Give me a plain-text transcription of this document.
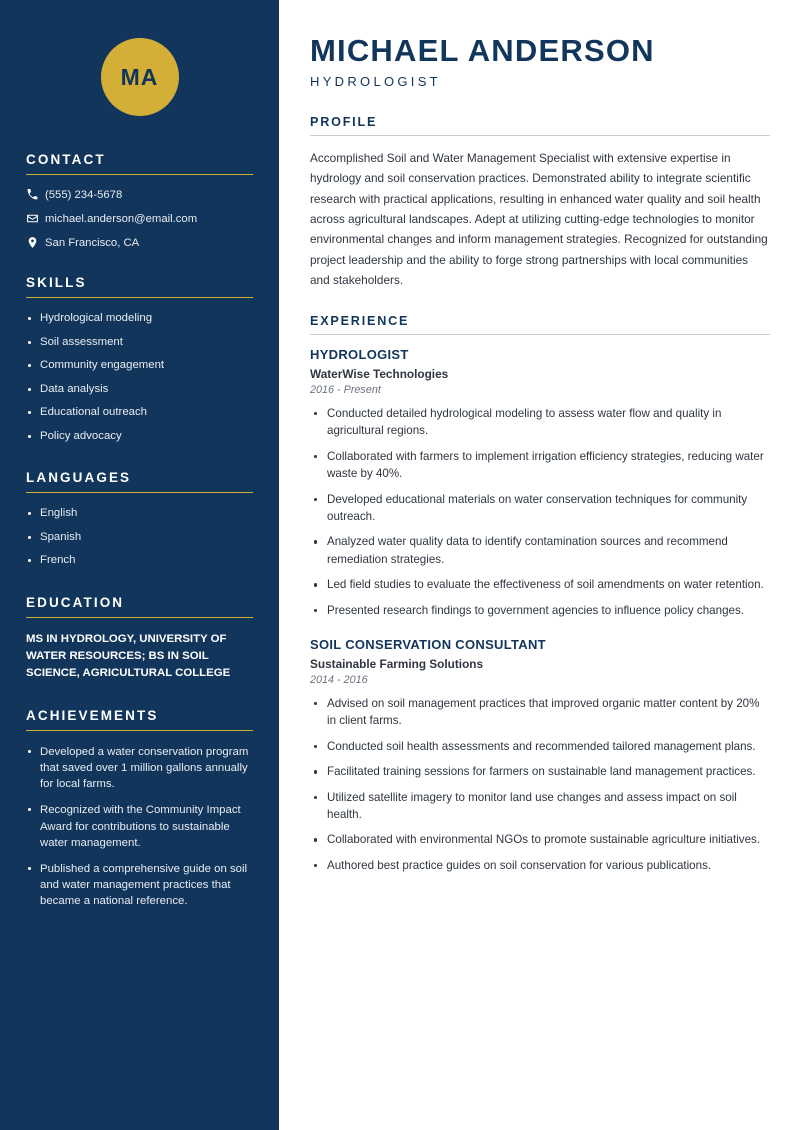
MA
CONTACT
(555) 234-5678
michael.anderson@email.com
San Francisco, CA
SKILLS
Hydrological modeling
Soil assessment
Community engagement
Data analysis
Educational outreach
Policy advocacy
LANGUAGES
English
Spanish
French
EDUCATION
MS IN HYDROLOGY, UNIVERSITY OF WATER RESOURCES; BS IN SOIL SCIENCE, AGRICULTURAL COLLEGE
ACHIEVEMENTS
Developed a water conservation program that saved over 1 million gallons annually for local farms.
Recognized with the Community Impact Award for contributions to sustainable water management.
Published a comprehensive guide on soil and water management practices that became a national reference.
MICHAEL ANDERSON
HYDROLOGIST
PROFILE

Accomplished Soil and Water Management Specialist with extensive expertise in hydrology and soil conservation practices. Demonstrated ability to integrate scientific research with practical applications, resulting in enhanced water quality and soil health across agricultural landscapes. Adept at utilizing cutting-edge technologies to monitor environmental changes and inform management strategies. Recognized for outstanding project leadership and the ability to forge strong partnerships with local communities and stakeholders.

EXPERIENCE
HYDROLOGIST
WaterWise Technologies
2016 - Present
Conducted detailed hydrological modeling to assess water flow and quality in agricultural regions.
Collaborated with farmers to implement irrigation efficiency strategies, reducing water waste by 40%.
Developed educational materials on water conservation techniques for community outreach.
Analyzed water quality data to identify contamination sources and recommend remediation strategies.
Led field studies to evaluate the effectiveness of soil amendments on water retention.
Presented research findings to government agencies to influence policy changes.
SOIL CONSERVATION CONSULTANT
Sustainable Farming Solutions
2014 - 2016
Advised on soil management practices that improved organic matter content by 20% in client farms.
Conducted soil health assessments and recommended tailored management plans.
Facilitated training sessions for farmers on sustainable land management practices.
Utilized satellite imagery to monitor land use changes and assess impact on soil health.
Collaborated with environmental NGOs to promote sustainable agriculture initiatives.
Authored best practice guides on soil conservation for various publications.
